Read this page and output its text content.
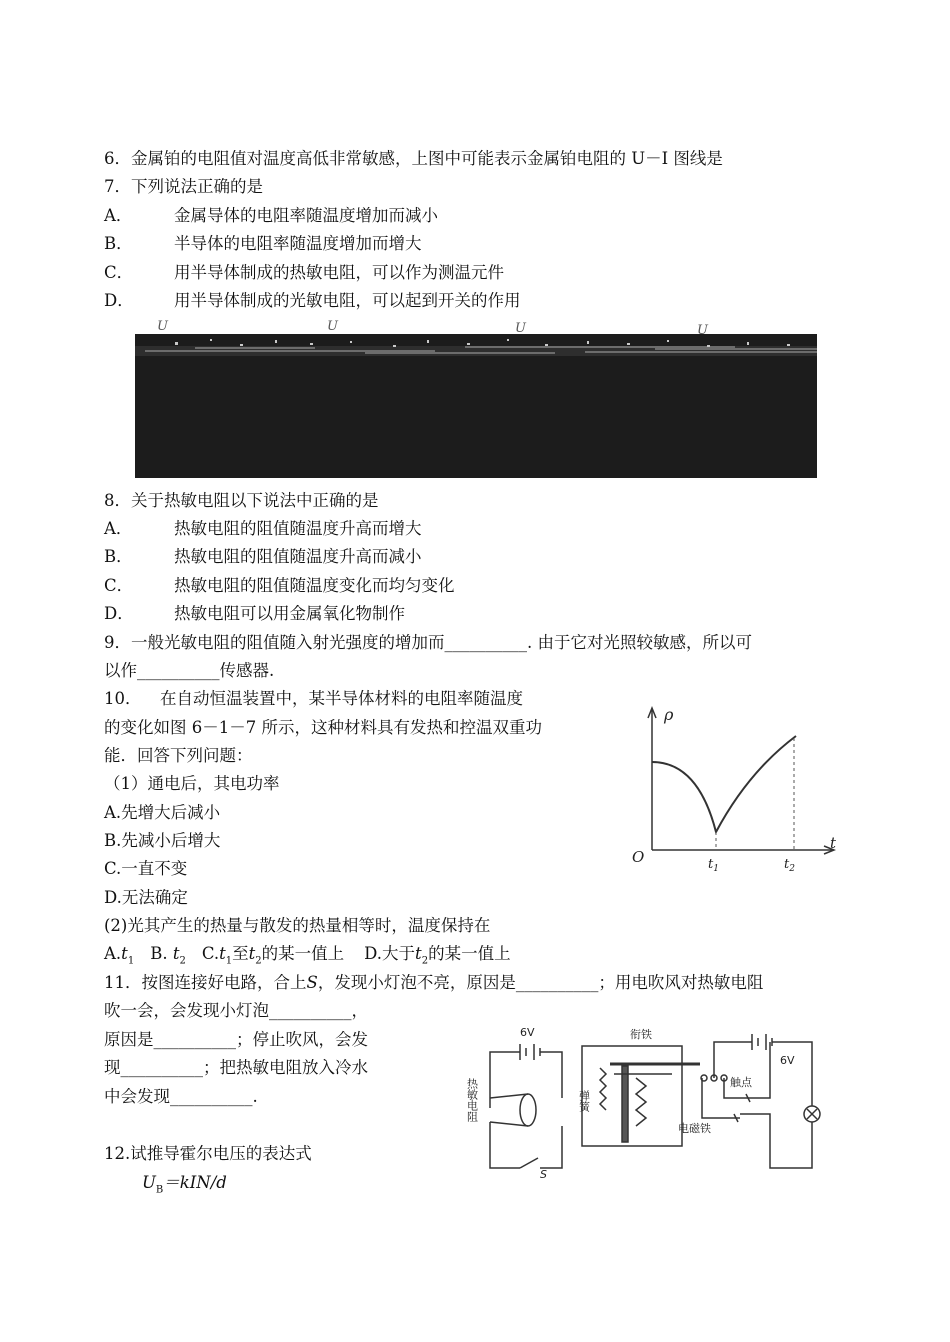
6．金属铂的电阻值对温度高低非常敏感，上图中可能表示金属铂电阻的 U－I 图线是
7．下列说法正确的是
A．	金属导体的电阻率随温度增加而减小
B．	半导体的电阻率随温度增加而增大
C． 用半导体制成的热敏电阻，可以作为测温元件
D． 用半导体制成的光敏电阻，可以起到开关的作用
U	U	U	U
8．关于热敏电阻以下说法中正确的是
A．	热敏电阻的阻值随温度升高而增大
B．	热敏电阻的阻值随温度升高而减小
C． 热敏电阻的阻值随温度变化而均匀变化
D． 热敏电阻可以用金属氧化物制作
9．一般光敏电阻的阻值随入射光强度的增加而__________. 由于它对光照较敏感，所以可
以作__________传感器.
10． 在自动恒温装置中，某半导体材料的电阻率随温度
的变化如图 6－1－7 所示，这种材料具有发热和控温双重功
能．回答下列问题：
（1）通电后，其电功率
A.先增大后减小
B.先减小后增大
C.一直不变
D.无法确定
(2)光其产生的热量与散发的热量相等时，温度保持在
$A.t_1$ B. $t_2$ $C.t_1$至$t_2$的某一值上 D.大于$t_2$的某一值上
ρ
t
O	$t_1$	$t_2$
11．按图连接好电路，合上S，发现小灯泡不亮，原因是__________；用电吹风对热敏电阻
吹一会，会发现小灯泡__________，
原因是__________；停止吹风，会发
现__________；把热敏电阻放入冷水
中会发现__________.
6V
6V
衔铁
触点
电磁铁
S
弹簧
热敏电阻
12.试推导霍尔电压的表达式
$U_B=kIN/d$
